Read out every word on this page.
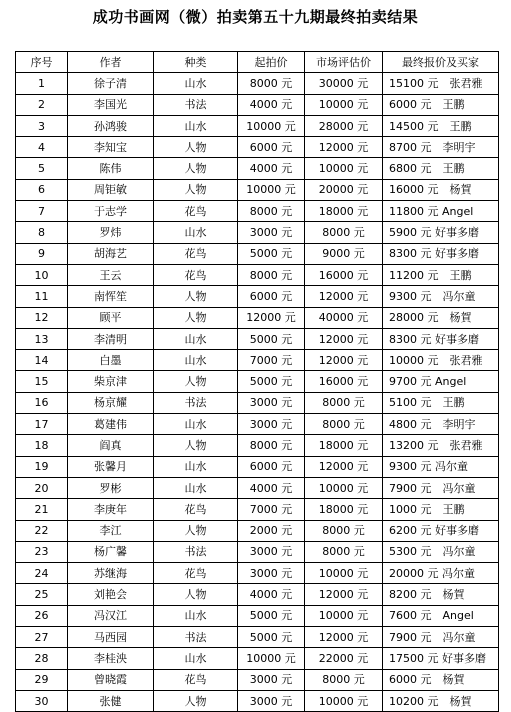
成功书画网（微）拍卖第五十九期最终拍卖结果
序号	作者	种类	起拍价	市场评估价	最终报价及买家
1	徐子清	山水	8000 元	30000 元	15100 元　张君雅
2	李国光	书法	4000 元	10000 元	6000 元　王鹏
3	孙鸿骏	山水	10000 元	28000 元	14500 元　王鹏
4	李知宝	人物	6000 元	12000 元	8700 元　李明宇
5	陈伟	人物	4000 元	10000 元	6800 元　王鹏
6	周钜敏	人物	10000 元	20000 元	16000 元　杨賀
7	于志学	花鸟	8000 元	18000 元	11800 元 Angel
8	罗炜	山水	3000 元	8000 元	5900 元 好事多磨
9	胡海艺	花鸟	5000 元	9000 元	8300 元 好事多磨
10	王云	花鸟	8000 元	16000 元	11200 元　王鹏
11	南恽笙	人物	6000 元	12000 元	9300 元　冯尔童
12	顾平	人物	12000 元	40000 元	28000 元　杨賀
13	李清明	山水	5000 元	12000 元	8300 元 好事多磨
14	白墨	山水	7000 元	12000 元	10000 元　张君雅
15	柴京津	人物	5000 元	16000 元	9700 元 Angel
16	杨京耀	书法	3000 元	8000 元	5100 元　王鹏
17	葛建伟	山水	3000 元	8000 元	4800 元　李明宇
18	阎真	人物	8000 元	18000 元	13200 元　张君雅
19	张馨月	山水	6000 元	12000 元	9300 元 冯尔童
20	罗彬	山水	4000 元	10000 元	7900 元　冯尔童
21	李庚年	花鸟	7000 元	18000 元	1000 元　王鹏
22	李江	人物	2000 元	8000 元	6200 元 好事多磨
23	杨广馨	书法	3000 元	8000 元	5300 元　冯尔童
24	苏继海	花鸟	3000 元	10000 元	20000 元 冯尔童
25	刘艳会	人物	4000 元	12000 元	8200 元　杨賀
26	冯汉江	山水	5000 元	10000 元	7600 元　Angel
27	马西园	书法	5000 元	12000 元	7900 元　冯尔童
28	李桂泱	山水	10000 元	22000 元	17500 元 好事多磨
29	曾晓霞	花鸟	3000 元	8000 元	6000 元　杨賀
30	张健	人物	3000 元	10000 元	10200 元　杨賀
